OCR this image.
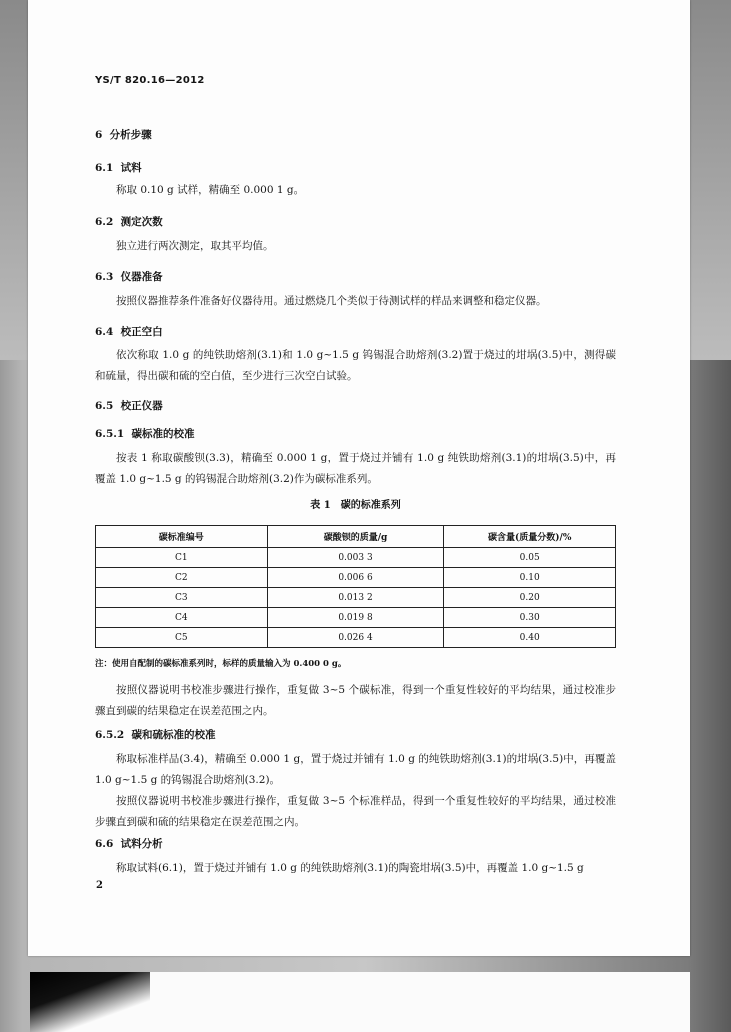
YS/T 820.16—2012
6 分析步骤
6.1 试料
称取 0.10 g 试样，精确至 0.000 1 g。
6.2 测定次数
独立进行两次测定，取其平均值。
6.3 仪器准备
按照仪器推荐条件准备好仪器待用。通过燃烧几个类似于待测试样的样品来调整和稳定仪器。
6.4 校正空白
依次称取 1.0 g 的纯铁助熔剂(3.1)和 1.0 g~1.5 g 钨锡混合助熔剂(3.2)置于烧过的坩埚(3.5)中，测得碳和硫量，得出碳和硫的空白值，至少进行三次空白试验。
6.5 校正仪器
6.5.1 碳标准的校准
按表 1 称取碳酸钡(3.3)，精确至 0.000 1 g，置于烧过并铺有 1.0 g 纯铁助熔剂(3.1)的坩埚(3.5)中，再覆盖 1.0 g~1.5 g 的钨锡混合助熔剂(3.2)作为碳标准系列。
表 1　碳的标准系列
碳标准编号	碳酸钡的质量/g	碳含量(质量分数)/%
C1	0.003 3	0.05
C2	0.006 6	0.10
C3	0.013 2	0.20
C4	0.019 8	0.30
C5	0.026 4	0.40
注：使用自配制的碳标准系列时，标样的质量输入为 0.400 0 g。
按照仪器说明书校准步骤进行操作，重复做 3~5 个碳标准，得到一个重复性较好的平均结果，通过校准步骤直到碳的结果稳定在误差范围之内。
6.5.2 碳和硫标准的校准
称取标准样品(3.4)，精确至 0.000 1 g，置于烧过并铺有 1.0 g 的纯铁助熔剂(3.1)的坩埚(3.5)中，再覆盖 1.0 g~1.5 g 的钨锡混合助熔剂(3.2)。
按照仪器说明书校准步骤进行操作，重复做 3~5 个标准样品，得到一个重复性较好的平均结果，通过校准步骤直到碳和硫的结果稳定在误差范围之内。
6.6 试料分析
称取试料(6.1)，置于烧过并铺有 1.0 g 的纯铁助熔剂(3.1)的陶瓷坩埚(3.5)中，再覆盖 1.0 g~1.5 g
2
